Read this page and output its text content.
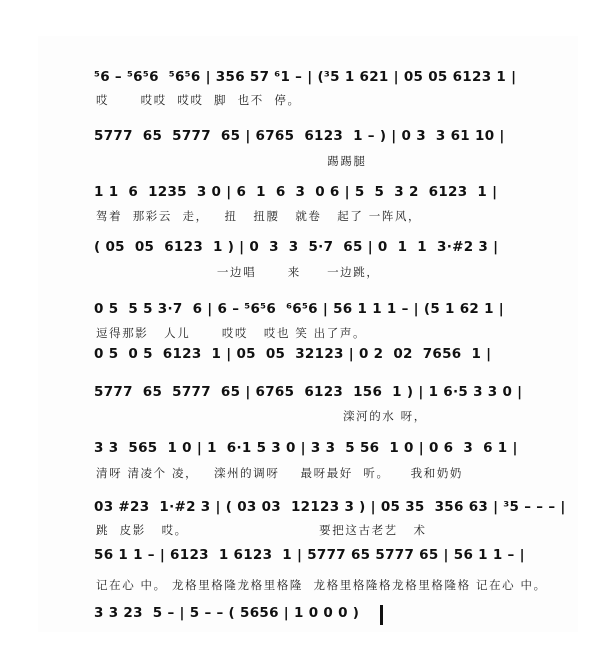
⁵6 – ⁵6⁵6  ⁵6⁵6 | 356 57 ⁶1 – | (³5 1 621 | 05 05 6123 1 |
哎      哎哎  哎哎  脚  也不  停。
5777  65  5777  65 | 6765  6123  1 – ) | 0 3  3 61 10 |
踢踢腿
1 1  6  1235  3 0 | 6  1  6  3  0 6 | 5  5  3 2  6123  1 |
驾着  那彩云  走，   扭   扭腰   就卷   起了 一阵风，
( 05  05  6123  1 ) | 0  3  3  5·7  65 | 0  1  1  3·#2 3 |
一边唱      来     一边跳，
0 5  5 5 3·7  6 | 6 – ⁵6⁵6  ⁶6⁵6 | 56 1 1 1 – | (5 1 62 1 |
逗得那影   人儿      哎哎   哎也 笑 出了声。
0 5  0 5  6123  1 | 05  05  32123 | 0 2  02  7656  1 |
5777  65  5777  65 | 6765  6123  156  1 ) | 1 6·5 3 3 0 |
滦河的水 呀，
3 3  565  1 0 | 1  6·1 5 3 0 | 3 3  5 56  1 0 | 0 6  3  6 1 |
清呀 清凌个 凌，   滦州的调呀    最呀最好  听。    我和奶奶
03 #23  1·#2 3 | ( 03 03  12123 3 ) | 05 35  356 63 | ³5 – – – |
跳  皮影   哎。                         要把这古老艺   术
56 1 1 – | 6123  1 6123  1 | 5777 65 5777 65 | 56 1 1 – |
记在心 中。 龙格里格隆龙格里格隆  龙格里格隆格龙格里格隆格 记在心 中。
3 3 23  5 – | 5 – – ( 5656 | 1 0 0 0 )
